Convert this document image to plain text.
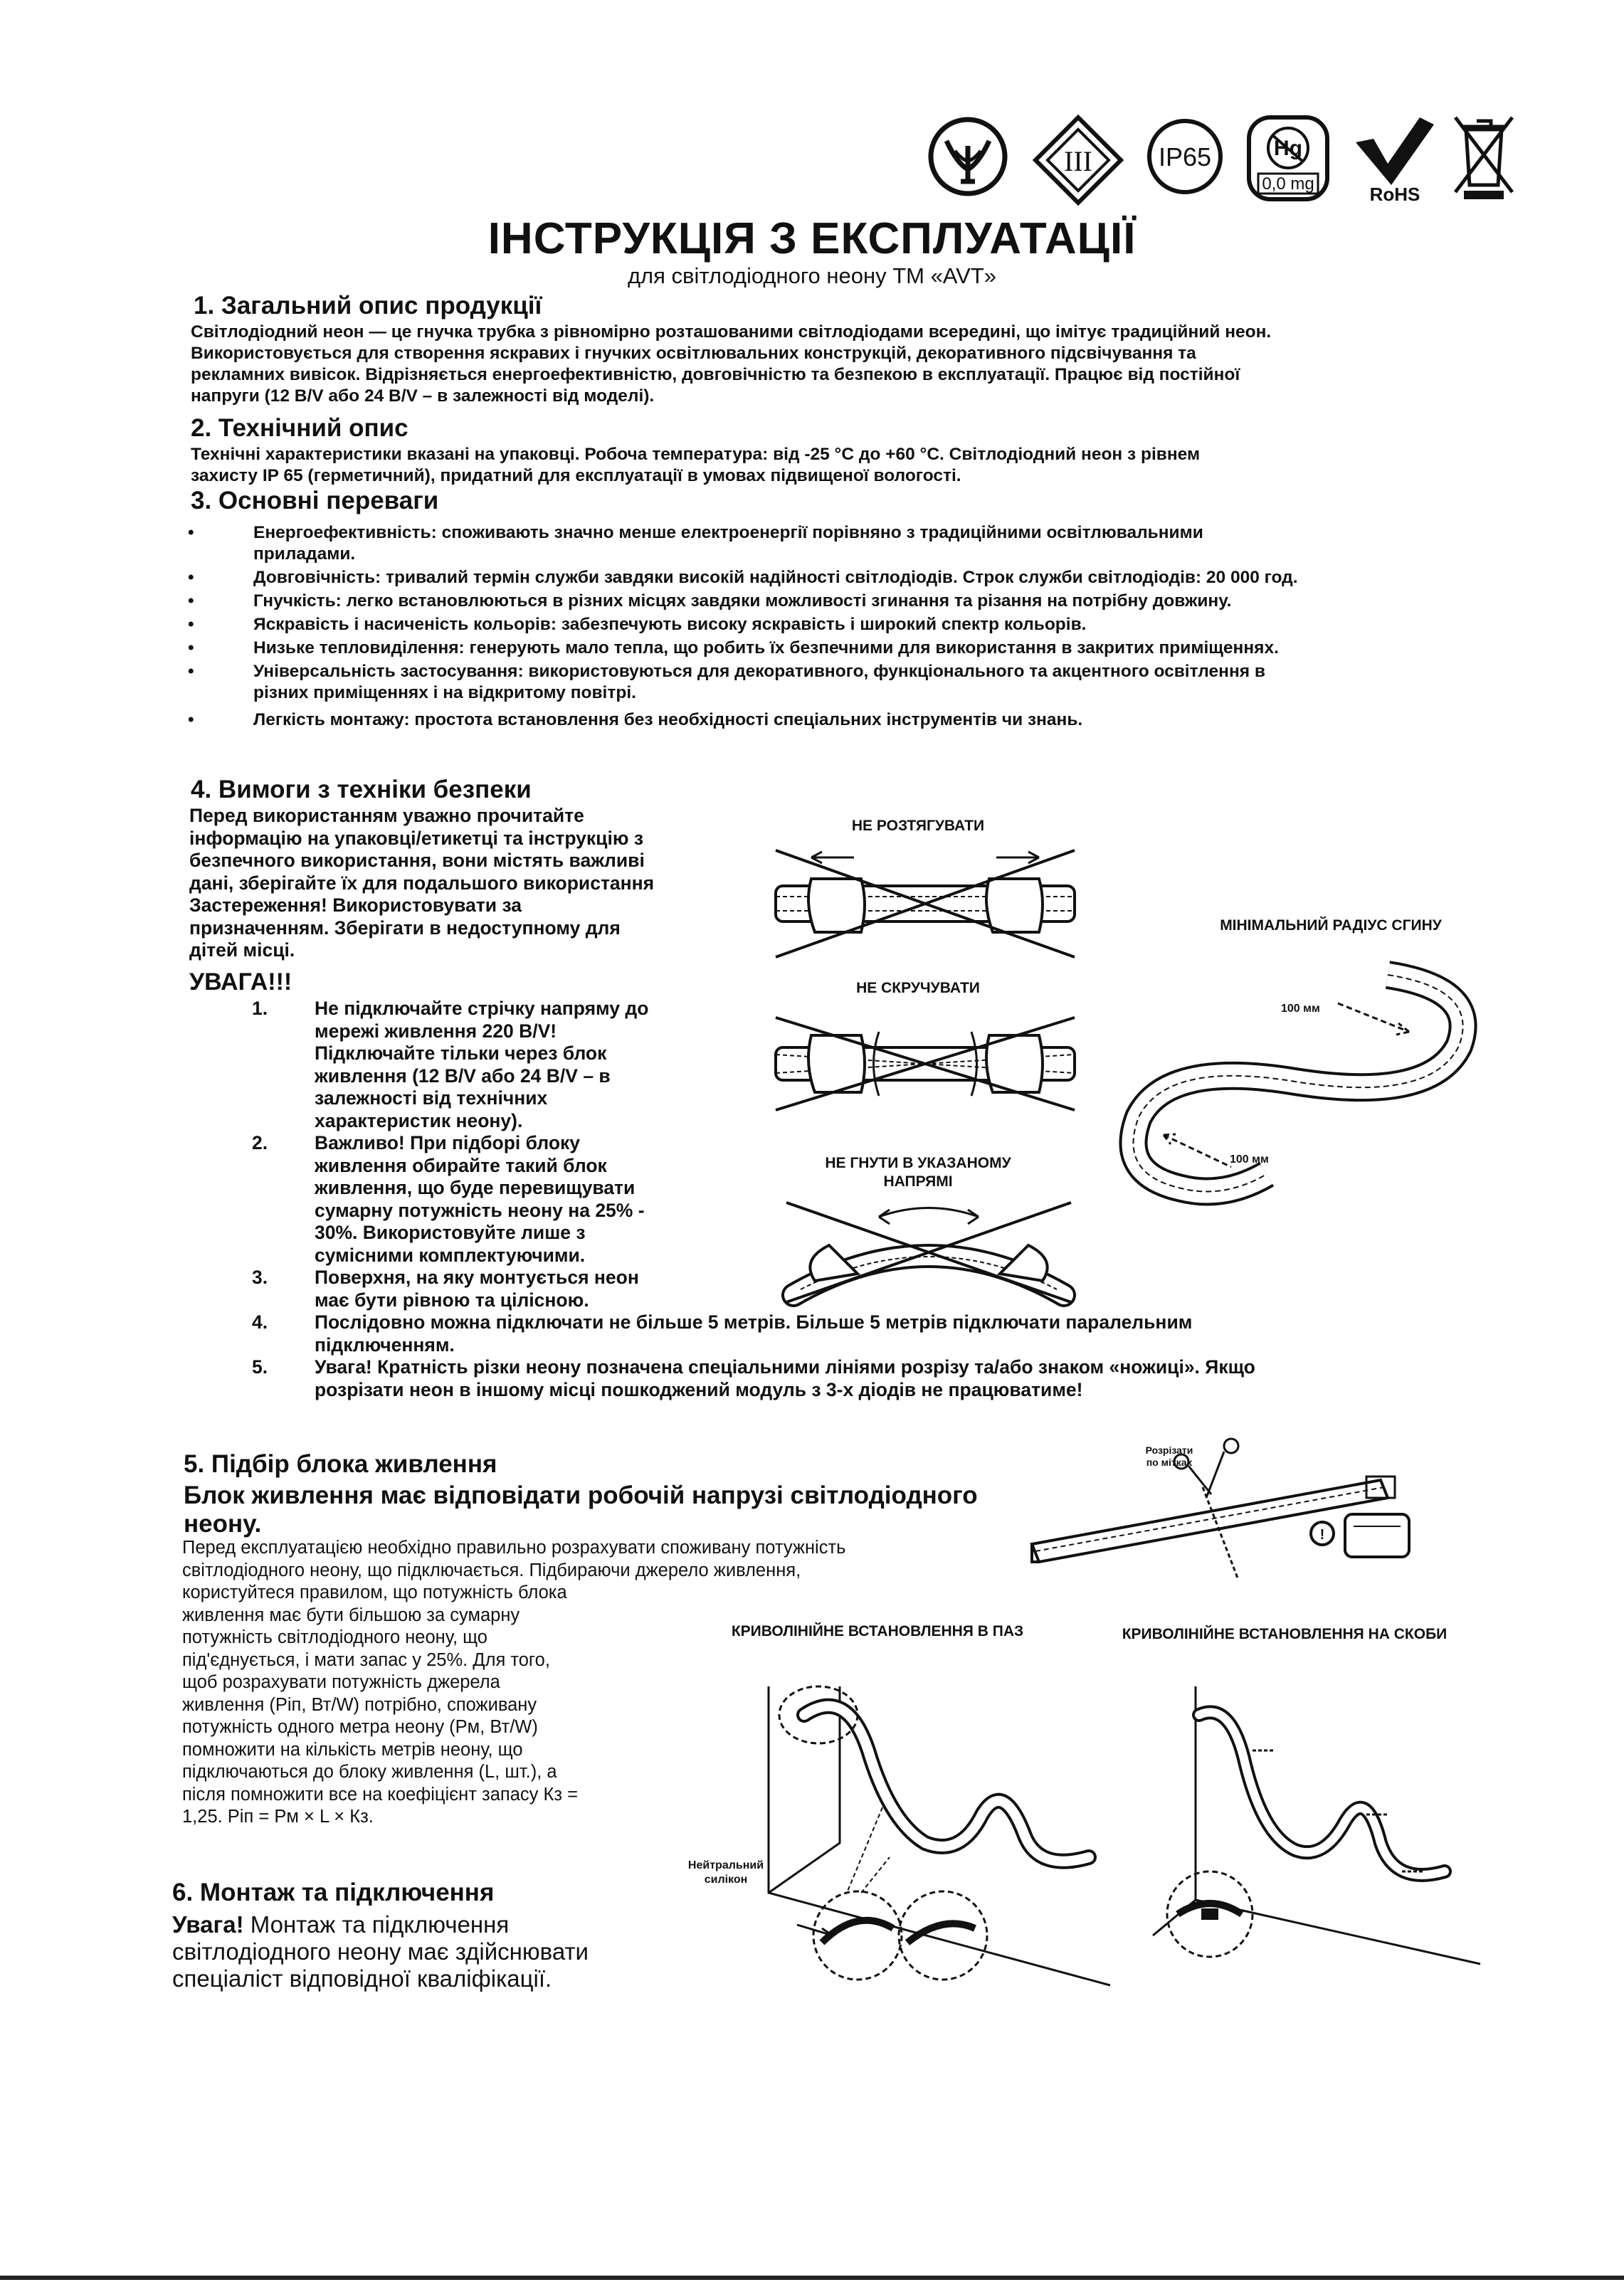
III	IP65	Hg
0,0 mg	RoHS
ІНСТРУКЦІЯ З ЕКСПЛУАТАЦІЇ
для світлодіодного неону ТМ «AVT»
1. Загальний опис продукції
Світлодіодний неон — це гнучка трубка з рівномірно розташованими світлодіодами всередині, що імітує традиційний неон.
Використовується для створення яскравих і гнучких освітлювальних конструкцій, декоративного підсвічування та
рекламних вивісок. Відрізняється енергоефективністю, довговічністю та безпекою в експлуатації. Працює від постійної
напруги (12 В/V або 24 В/V – в залежності від моделі).
2. Технічний опис
Технічні характеристики вказані на упаковці. Робоча температура: від -25 °С до +60 °С. Світлодіодний неон з рівнем
захисту IP 65 (герметичний), придатний для експлуатації в умовах підвищеної вологості.
3. Основні переваги
•	Енергоефективність: споживають значно менше електроенергії порівняно з традиційними освітлювальними
приладами.
•	Довговічність: тривалий термін служби завдяки високій надійності світлодіодів. Строк служби світлодіодів: 20 000 год.
•	Гнучкість: легко встановлюються в різних місцях завдяки можливості згинання та різання на потрібну довжину.
•	Яскравість і насиченість кольорів: забезпечують високу яскравість і широкий спектр кольорів.
•	Низьке тепловиділення: генерують мало тепла, що робить їх безпечними для використання в закритих приміщеннях.
•	Універсальність застосування: використовуються для декоративного, функціонального та акцентного освітлення в
різних приміщеннях і на відкритому повітрі.
•	Легкість монтажу: простота встановлення без необхідності спеціальних інструментів чи знань.
4. Вимоги з техніки безпеки
Перед використанням уважно прочитайте
інформацію на упаковці/етикетці та інструкцію з
безпечного використання, вони містять важливі
дані, зберігайте їх для подальшого використання
Застереження! Використовувати за
призначенням. Зберігати в недоступному для
дітей місці.
УВАГА!!!
1. Не підключайте стрічку напряму до
мережі живлення 220 В/V!
Підключайте тільки через блок
живлення (12 В/V або 24 В/V – в
залежності від технічних
характеристик неону).
2. Важливо! При підборі блоку
живлення обирайте такий блок
живлення, що буде перевищувати
сумарну потужність неону на 25% -
30%. Використовуйте лише з
сумісними комплектуючими.
3. Поверхня, на яку монтується неон
має бути рівною та цілісною.
4. Послідовно можна підключати не більше 5 метрів. Більше 5 метрів підключати паралельним
підключенням.
5. Увага! Кратність різки неону позначена спеціальними лініями розрізу та/або знаком «ножиці». Якщо
розрізати неон в іншому місці пошкоджений модуль з 3-х діодів не працюватиме!
НЕ РОЗТЯГУВАТИ
НЕ СКРУЧУВАТИ
НЕ ГНУТИ В УКАЗАНОМУ
НАПРЯМІ
МІНІМАЛЬНИЙ РАДІУС СГИНУ
100 мм
100 мм
5. Підбір блока живлення
Блок живлення має відповідати робочій напрузі світлодіодного
неону.
Перед експлуатацією необхідно правильно розрахувати споживану потужність
світлодіодного неону, що підключається. Підбираючи джерело живлення,
користуйтеся правилом, що потужність блока
живлення має бути більшою за сумарну
потужність світлодіодного неону, що
під'єднується, і мати запас у 25%. Для того,
щоб розрахувати потужність джерела
живлення (Рiп, Вт/W) потрібно, споживану
потужність одного метра неону (Рм, Вт/W)
помножити на кількість метрів неону, що
підключаються до блоку живлення (L, шт.), а
після помножити все на коефіцієнт запасу Кз =
1,25. Рiп = Рм × L × Кз.
Розрізати
по мітках
!
КРИВОЛІНІЙНЕ ВСТАНОВЛЕННЯ В ПАЗ	КРИВОЛІНІЙНЕ ВСТАНОВЛЕННЯ НА СКОБИ
Нейтральний
силікон
6. Монтаж та підключення
Увага! Монтаж та підключення
світлодіодного неону має здійснювати
спеціаліст відповідної кваліфікації.
